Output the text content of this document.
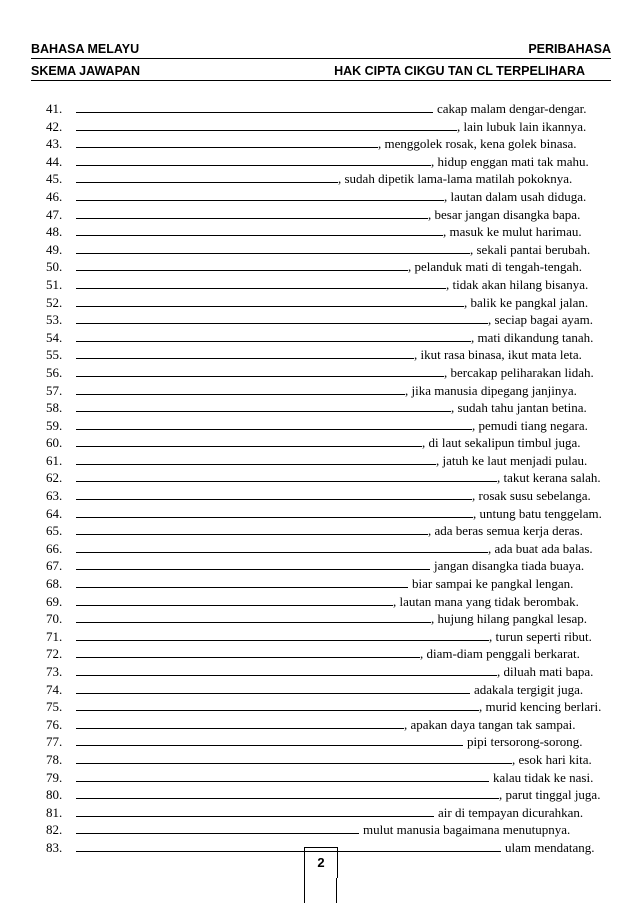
BAHASA MELAYU	PERIBAHASA
SKEMA JAWAPAN	HAK CIPTA CIKGU TAN CL TERPELIHARA
41.	cakap malam dengar-dengar.
42.	, lain lubuk lain ikannya.
43.	, menggolek rosak, kena golek binasa.
44.	, hidup enggan mati tak mahu.
45.	, sudah dipetik lama-lama matilah pokoknya.
46.	, lautan dalam usah diduga.
47.	, besar jangan disangka bapa.
48.	, masuk ke mulut harimau.
49.	, sekali pantai berubah.
50.	, pelanduk mati di tengah-tengah.
51.	, tidak akan hilang bisanya.
52.	, balik ke pangkal jalan.
53.	, seciap bagai ayam.
54.	, mati dikandung tanah.
55.	, ikut rasa binasa, ikut mata leta.
56.	, bercakap peliharakan lidah.
57.	, jika manusia dipegang janjinya.
58.	, sudah tahu jantan betina.
59.	, pemudi tiang negara.
60.	, di laut sekalipun timbul juga.
61.	, jatuh ke laut menjadi pulau.
62.	, takut kerana salah.
63.	, rosak susu sebelanga.
64.	, untung batu tenggelam.
65.	, ada beras semua kerja deras.
66.	, ada buat ada balas.
67.	jangan disangka tiada buaya.
68.	biar sampai ke pangkal lengan.
69.	, lautan mana yang tidak berombak.
70.	, hujung hilang pangkal lesap.
71.	, turun seperti ribut.
72.	, diam-diam penggali berkarat.
73.	, diluah mati bapa.
74.	adakala tergigit juga.
75.	, murid kencing berlari.
76.	, apakan daya tangan tak sampai.
77.	pipi tersorong-sorong.
78.	, esok hari kita.
79.	kalau tidak ke nasi.
80.	, parut tinggal juga.
81.	air di tempayan dicurahkan.
82.	mulut manusia bagaimana menutupnya.
83.	ulam mendatang.
2
